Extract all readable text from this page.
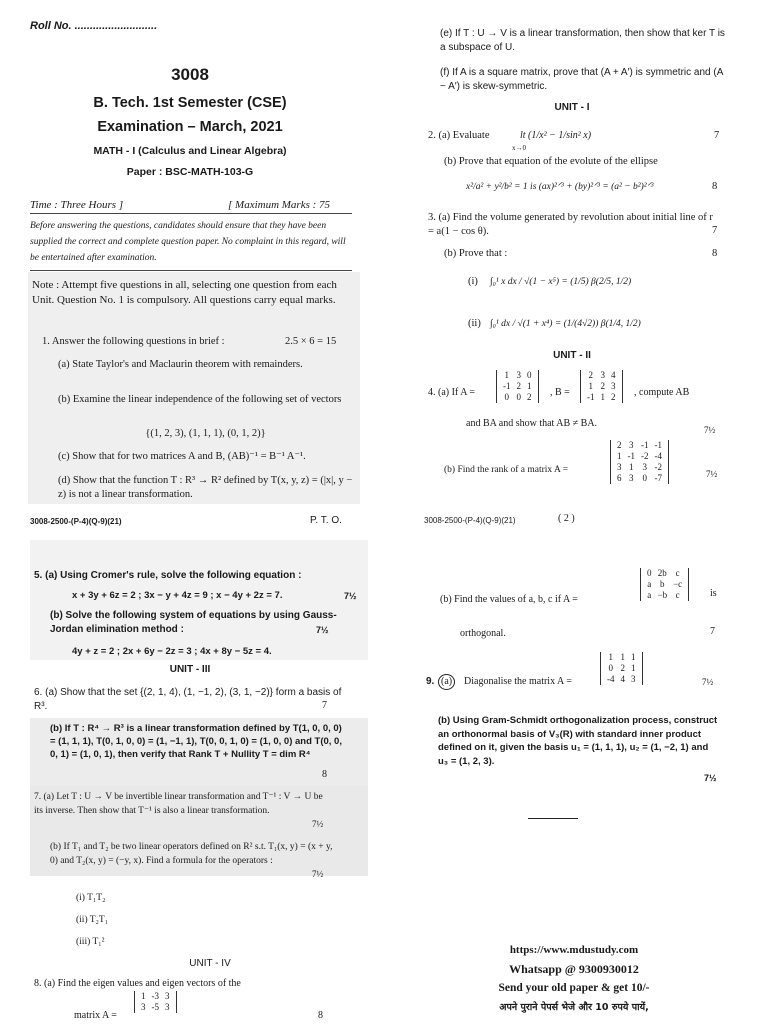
Roll No. ...........................
3008
B. Tech. 1st Semester (CSE)
Examination – March, 2021
MATH - I (Calculus and Linear Algebra)
Paper : BSC-MATH-103-G
Time : Three Hours ]	[ Maximum Marks : 75
Before answering the questions, candidates should ensure that they have been supplied the correct and complete question paper. No complaint in this regard, will be entertained after examination.
Note : Attempt five questions in all, selecting one question from each Unit. Question No. 1 is compulsory. All questions carry equal marks.
1. Answer the following questions in brief :	2.5 × 6 = 15
(a) State Taylor's and Maclaurin theorem with remainders.
(b) Examine the linear independence of the following set of vectors
{(1, 2, 3), (1, 1, 1), (0, 1, 2)}
(c) Show that for two matrices A and B, (AB)⁻¹ = B⁻¹ A⁻¹.
(d) Show that the function T : R³ → R² defined by T(x, y, z) = (|x|, y − z) is not a linear transformation.
3008-2500-(P-4)(Q-9)(21)	P. T. O.
(e) If T : U → V is a linear transformation, then show that ker T is a subspace of U.
(f) If A is a square matrix, prove that (A + A′) is symmetric and (A − A′) is skew-symmetric.
UNIT - I
2. (a) Evaluate	lt (1/x² − 1/sin² x)
x→0
7
(b) Prove that equation of the evolute of the ellipse
x²/a² + y²/b² = 1 is (ax)²ᐟ³ + (by)²ᐟ³ = (a² − b²)²ᐟ³	8
3. (a) Find the volume generated by revolution about initial line of r = a(1 − cos θ).	7
(b) Prove that :	8
(i) ∫₀¹ x dx / √(1 − x⁵) = (1/5) β(2/5, 1/2)
(ii) ∫₀¹ dx / √(1 + x⁴) = (1/(4√2)) β(1/4, 1/2)
UNIT - II
4. (a) If A =
1	3	0
-1	2	1
0	0	2 , B =
2	3	4
1	2	3
-1	1	2 , compute AB
and BA and show that AB ≠ BA.
7½
(b) Find the rank of a matrix A =
2	3	-1	-1
1	-1	-2	-4
3	1	3	-2
6	3	0	-7	7½
3008-2500-(P-4)(Q-9)(21)	( 2 )
5. (a) Using Cromer's rule, solve the following equation :
x + 3y + 6z = 2 ; 3x − y + 4z = 9 ; x − 4y + 2z = 7.	7½
(b) Solve the following system of equations by using Gauss-Jordan elimination method :	7½
4y + z = 2 ; 2x + 6y − 2z = 3 ; 4x + 8y − 5z = 4.
UNIT - III
6. (a) Show that the set {(2, 1, 4), (1, −1, 2), (3, 1, −2)} form a basis of R³.	7
(b) If T : R⁴ → R³ is a linear transformation defined by T(1, 0, 0, 0) = (1, 1, 1), T(0, 1, 0, 0) = (1, −1, 1), T(0, 0, 1, 0) = (1, 0, 0) and T(0, 0, 0, 1) = (1, 0, 1), then verify that Rank T + Nullity T = dim R⁴
8
7. (a) Let T : U → V be invertible linear transformation and T⁻¹ : V → U be its inverse. Then show that T⁻¹ is also a linear transformation.
7½
(b) If T₁ and T₂ be two linear operators defined on R² s.t. T₁(x, y) = (x + y, 0) and T₂(x, y) = (−y, x). Find a formula for the operators :
7½
(i) T₁T₂
(ii) T₂T₁
(iii) T₁²
UNIT - IV
8. (a) Find the eigen values and eigen vectors of the
matrix A =
1	-3	3
3	-5	3
8
(b) Find the values of a, b, c if A =
0	2b	c
a	b	−c
a	−b	c	is
orthogonal.	7
9. (a)	Diagonalise the matrix A =
1	1	1
0	2	1
-4	4	3	7½
(b) Using Gram-Schmidt orthogonalization process, construct an orthonormal basis of V₃(R) with standard inner product defined on it, given the basis u₁ = (1, 1, 1), u₂ = (1, −2, 1) and u₃ = (1, 2, 3).
7½
https://www.mdustudy.com
Whatsapp @ 9300930012
Send your old paper & get 10/-
अपने पुराने पेपर्स भेजे और 10 रुपये पायें,
